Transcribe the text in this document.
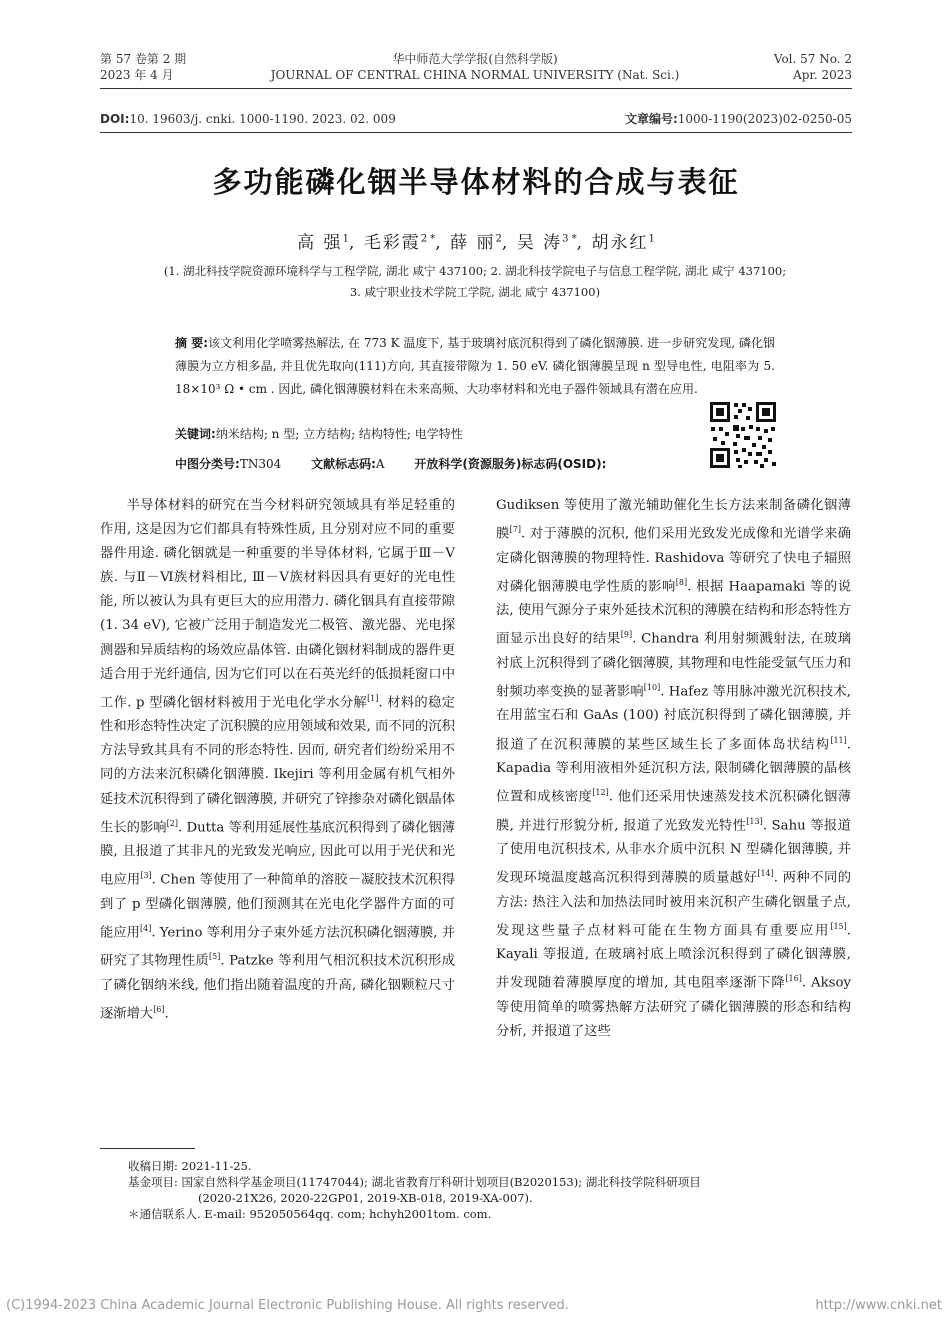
第 57 卷第 2 期
2023 年 4 月
华中师范大学学报(自然科学版)
JOURNAL OF CENTRAL CHINA NORMAL UNIVERSITY (Nat. Sci.)
Vol. 57 No. 2
Apr. 2023
DOI:10. 19603/j. cnki. 1000-1190. 2023. 02. 009	文章编号:1000-1190(2023)02-0250-05
多功能磷化铟半导体材料的合成与表征
高 强$^1$, 毛彩霞$^{2 *}$, 薛 丽$^2$, 吴 涛$^{3 *}$, 胡永红$^1$
(1. 湖北科技学院资源环境科学与工程学院, 湖北 咸宁 437100; 2. 湖北科技学院电子与信息工程学院, 湖北 咸宁 437100;
3. 咸宁职业技术学院工学院, 湖北 咸宁 437100)
摘 要:该文利用化学喷雾热解法, 在 773 K 温度下, 基于玻璃衬底沉积得到了磷化铟薄膜. 进一步研究发现, 磷化铟薄膜为立方相多晶, 并且优先取向(111)方向, 其直接带隙为 1. 50 eV. 磷化铟薄膜呈现 n 型导电性, 电阻率为 5. 18×10³ Ω • cm . 因此, 磷化铟薄膜材料在未来高频、大功率材料和光电子器件领域具有潜在应用.
关键词:纳米结构; n 型; 立方结构; 结构特性; 电学特性
中图分类号:TN304 文献标志码:A 开放科学(资源服务)标志码(OSID):

半导体材料的研究在当今材料研究领域具有举足轻重的作用, 这是因为它们都具有特殊性质, 且分别对应不同的重要器件用途. 磷化铟就是一种重要的半导体材料, 它属于Ⅲ－Ⅴ族. 与Ⅱ－Ⅵ族材料相比, Ⅲ－Ⅴ族材料因具有更好的光电性能, 所以被认为具有更巨大的应用潜力. 磷化铟具有直接带隙(1. 34 eV), 它被广泛用于制造发光二极管、激光器、光电探测器和异质结构的场效应晶体管. 由磷化铟材料制成的器件更适合用于光纤通信, 因为它们可以在石英光纤的低损耗窗口中工作. p 型磷化铟材料被用于光电化学水分解[1]. 材料的稳定性和形态特性决定了沉积膜的应用领域和效果, 而不同的沉积方法导致其具有不同的形态特性. 因而, 研究者们纷纷采用不同的方法来沉积磷化铟薄膜. Ikejiri 等利用金属有机气相外延技术沉积得到了磷化铟薄膜, 并研究了锌掺杂对磷化铟晶体生长的影响[2]. Dutta 等利用延展性基底沉积得到了磷化铟薄膜, 且报道了其非凡的光致发光响应, 因此可以用于光伏和光电应用[3]. Chen 等使用了一种简单的溶胶－凝胶技术沉积得到了 p 型磷化铟薄膜, 他们预测其在光电化学器件方面的可能应用[4]. Yerino 等利用分子束外延方法沉积磷化铟薄膜, 并研究了其物理性质[5]. Patzke 等利用气相沉积技术沉积形成了磷化铟纳米线, 他们指出随着温度的升高, 磷化铟颗粒尺寸逐渐增大[6].

Gudiksen 等使用了激光辅助催化生长方法来制备磷化铟薄膜[7]. 对于薄膜的沉积, 他们采用光致发光成像和光谱学来确定磷化铟薄膜的物理特性. Rashidova 等研究了快电子辐照对磷化铟薄膜电学性质的影响[8]. 根据 Haapamaki 等的说法, 使用气源分子束外延技术沉积的薄膜在结构和形态特性方面显示出良好的结果[9]. Chandra 利用射频溅射法, 在玻璃衬底上沉积得到了磷化铟薄膜, 其物理和电性能受氩气压力和射频功率变换的显著影响[10]. Hafez 等用脉冲激光沉积技术, 在用蓝宝石和 GaAs (100) 衬底沉积得到了磷化铟薄膜, 并报道了在沉积薄膜的某些区域生长了多面体岛状结构[11]. Kapadia 等利用液相外延沉积方法, 限制磷化铟薄膜的晶核位置和成核密度[12]. 他们还采用快速蒸发技术沉积磷化铟薄膜, 并进行形貌分析, 报道了光致发光特性[13]. Sahu 等报道了使用电沉积技术, 从非水介质中沉积 N 型磷化铟薄膜, 并发现环境温度越高沉积得到薄膜的质量越好[14]. 两种不同的方法: 热注入法和加热法同时被用来沉积产生磷化铟量子点, 发现这些量子点材料可能在生物方面具有重要应用[15]. Kayali 等报道, 在玻璃衬底上喷涂沉积得到了磷化铟薄膜, 并发现随着薄膜厚度的增加, 其电阻率逐渐下降[16]. Aksoy 等使用简单的喷雾热解方法研究了磷化铟薄膜的形态和结构分析, 并报道了这些

收稿日期: 2021-11-25.

基金项目: 国家自然科学基金项目(11747044); 湖北省教育厅科研计划项目(B2020153); 湖北科技学院科研项目

(2020-21X26, 2020-22GP01, 2019-XB-018, 2019-XA-007).

＊通信联系人. E-mail: 952050564qq. com; hchyh2001tom. com.

(C)1994-2023 China Academic Journal Electronic Publishing House. All rights reserved.	http://www.cnki.net
